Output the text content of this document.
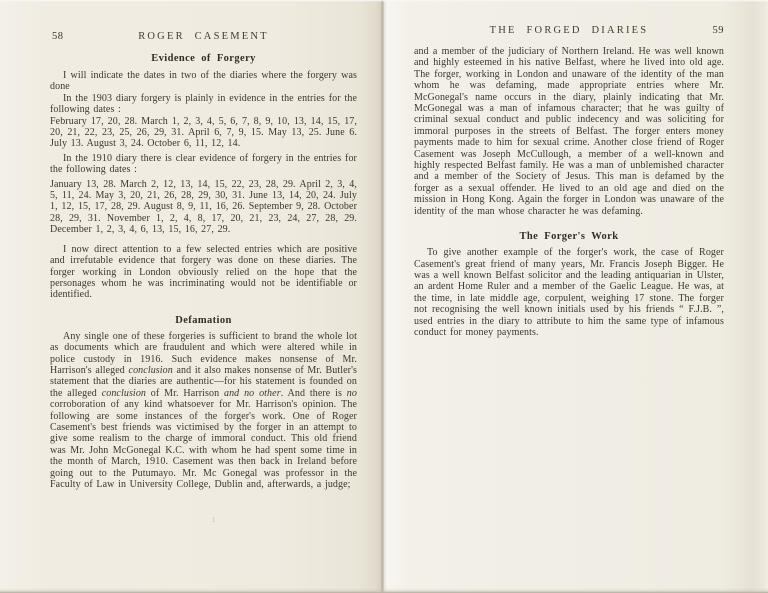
58	ROGER CASEMENT
Evidence of Forgery

I will indicate the dates in two of the diaries where the forgery was done

In the 1903 diary forgery is plainly in evidence in the entries for the following dates :

February 17, 20, 28. March 1, 2, 3, 4, 5, 6, 7, 8, 9, 10, 13, 14, 15, 17, 20, 21, 22, 23, 25, 26, 29, 31. April 6, 7, 9, 15. May 13, 25. June 6. July 13. August 3, 24. October 6, 11, 12, 14.

In the 1910 diary there is clear evidence of forgery in the entries for the following dates :

January 13, 28. March 2, 12, 13, 14, 15, 22, 23, 28, 29. April 2, 3, 4, 5, 11, 24. May 3, 20, 21, 26, 28, 29, 30, 31. June 13, 14, 20, 24. July 1, 12, 15, 17, 28, 29. August 8, 9, 11, 16, 26. September 9, 28. October 28, 29, 31. November 1, 2, 4, 8, 17, 20, 21, 23, 24, 27, 28, 29. December 1, 2, 3, 4, 6, 13, 15, 16, 27, 29.

I now direct attention to a few selected entries which are positive and irrefutable evidence that forgery was done on these diaries. The forger working in London obviously relied on the hope that the personages whom he was incriminating would not be identifiable or identified.

Defamation

Any single one of these forgeries is sufficient to brand the whole lot as documents which are fraudulent and which were altered while in police custody in 1916. Such evidence makes nonsense of Mr. Harrison's alleged conclusion and it also makes nonsense of Mr. Butler's statement that the diaries are authentic—for his statement is founded on the alleged conclusion of Mr. Harrison and no other. And there is no corroboration of any kind whatsoever for Mr. Harrison's opinion. The following are some instances of the forger's work. One of Roger Casement's best friends was victimised by the forger in an attempt to give some realism to the charge of immoral conduct. This old friend was Mr. John McGonegal K.C. with whom he had spent some time in the month of March, 1910. Casement was then back in Ireland before going out to the Putumayo. Mr. Mc Gonegal was professor in the Faculty of Law in University College, Dublin and, afterwards, a judge;

1
THE FORGED DIARIES	59

and a member of the judiciary of Northern Ireland. He was well known and highly esteemed in his native Belfast, where he lived into old age. The forger, working in London and unaware of the identity of the man whom he was defaming, made appropriate entries where Mr. McGonegal's name occurs in the diary, plainly indicating that Mr. McGonegal was a man of infamous character; that he was guilty of criminal sexual conduct and public indecency and was soliciting for immoral purposes in the streets of Belfast. The forger enters money payments made to him for sexual crime. Another close friend of Roger Casement was Joseph McCullough, a member of a well-known and highly respected Belfast family. He was a man of unblemished character and a member of the Society of Jesus. This man is defamed by the forger as a sexual offender. He lived to an old age and died on the mission in Hong Kong. Again the forger in London was unaware of the identity of the man whose character he was defaming.

The Forger's Work

To give another example of the forger's work, the case of Roger Casement's great friend of many years, Mr. Francis Joseph Bigger. He was a well known Belfast solicitor and the leading antiquarian in Ulster, an ardent Home Ruler and a member of the Gaelic League. He was, at the time, in late middle age, corpulent, weighing 17 stone. The forger not recognising the well known initials used by his friends “ F.J.B. ”, used entries in the diary to attribute to him the same type of infamous conduct for money payments.
